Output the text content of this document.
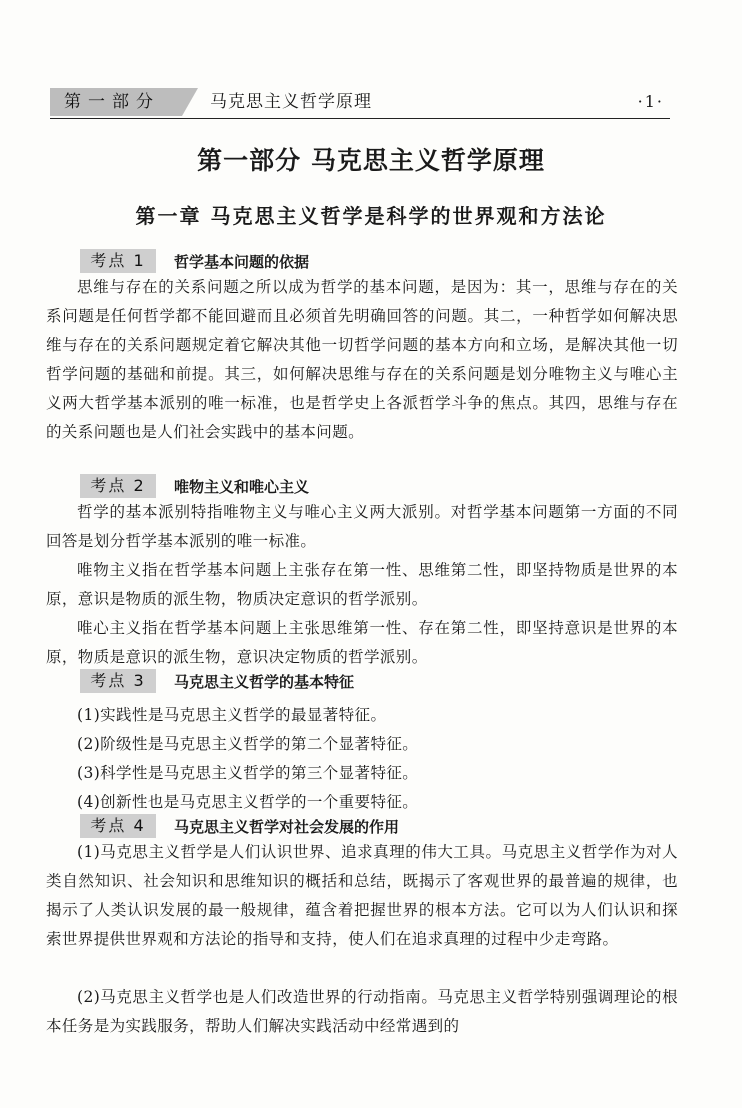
第一部分	马克思主义哲学原理	·1·
第一部分 马克思主义哲学原理
第一章 马克思主义哲学是科学的世界观和方法论
考点 1	哲学基本问题的依据

思维与存在的关系问题之所以成为哲学的基本问题，是因为：其一，思维与存在的关系问题是任何哲学都不能回避而且必须首先明确回答的问题。其二，一种哲学如何解决思维与存在的关系问题规定着它解决其他一切哲学问题的基本方向和立场，是解决其他一切哲学问题的基础和前提。其三，如何解决思维与存在的关系问题是划分唯物主义与唯心主义两大哲学基本派别的唯一标准，也是哲学史上各派哲学斗争的焦点。其四，思维与存在的关系问题也是人们社会实践中的基本问题。

考点 2	唯物主义和唯心主义

哲学的基本派别特指唯物主义与唯心主义两大派别。对哲学基本问题第一方面的不同回答是划分哲学基本派别的唯一标准。

唯物主义指在哲学基本问题上主张存在第一性、思维第二性，即坚持物质是世界的本原，意识是物质的派生物，物质决定意识的哲学派别。

唯心主义指在哲学基本问题上主张思维第一性、存在第二性，即坚持意识是世界的本原，物质是意识的派生物，意识决定物质的哲学派别。

考点 3	马克思主义哲学的基本特征

(1)实践性是马克思主义哲学的最显著特征。

(2)阶级性是马克思主义哲学的第二个显著特征。

(3)科学性是马克思主义哲学的第三个显著特征。

(4)创新性也是马克思主义哲学的一个重要特征。

考点 4	马克思主义哲学对社会发展的作用

(1)马克思主义哲学是人们认识世界、追求真理的伟大工具。马克思主义哲学作为对人类自然知识、社会知识和思维知识的概括和总结，既揭示了客观世界的最普遍的规律，也揭示了人类认识发展的最一般规律，蕴含着把握世界的根本方法。它可以为人们认识和探索世界提供世界观和方法论的指导和支持，使人们在追求真理的过程中少走弯路。

(2)马克思主义哲学也是人们改造世界的行动指南。马克思主义哲学特别强调理论的根本任务是为实践服务，帮助人们解决实践活动中经常遇到的
